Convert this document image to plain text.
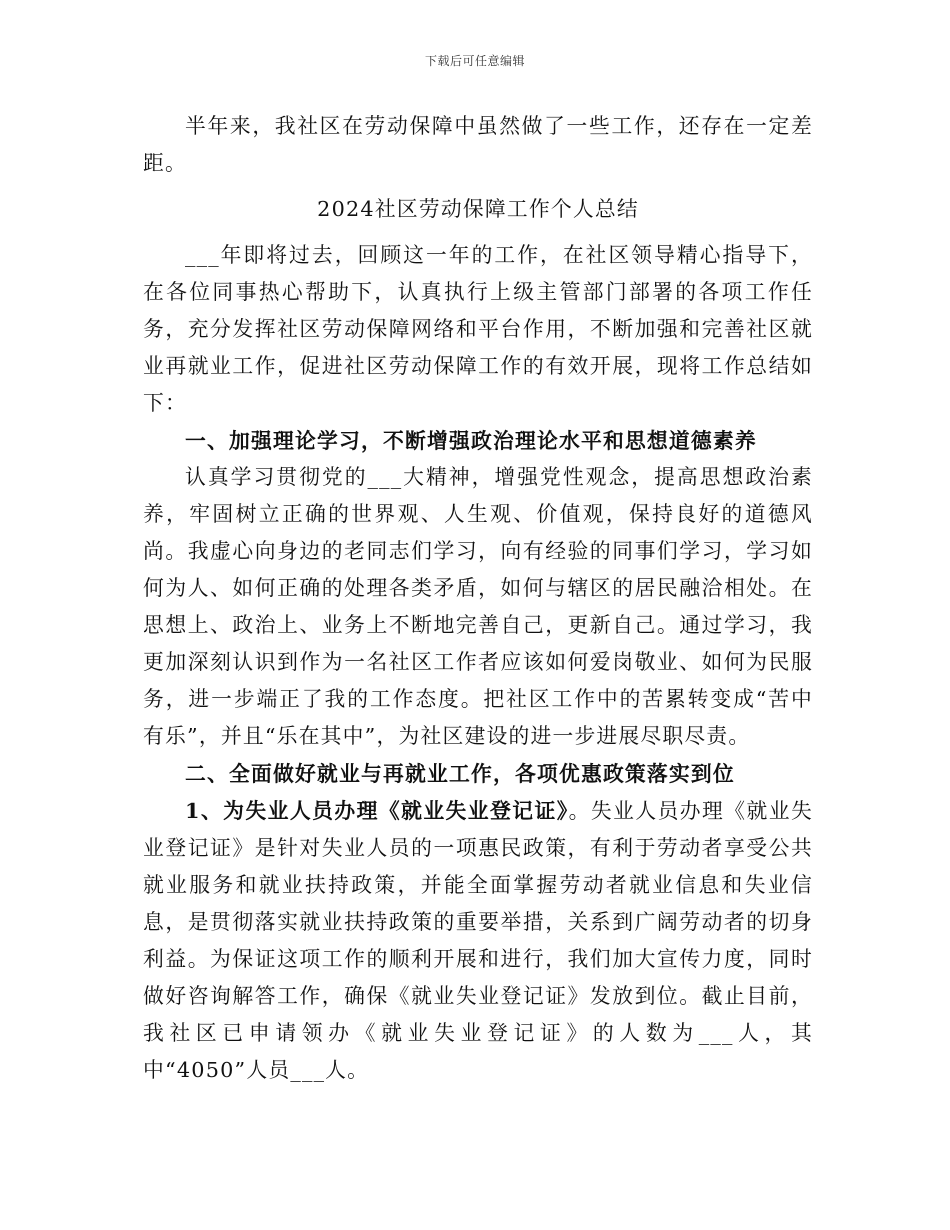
下载后可任意编辑

半年来，我社区在劳动保障中虽然做了一些工作，还存在一定差距。

2024社区劳动保障工作个人总结

___年即将过去，回顾这一年的工作，在社区领导精心指导下，在各位同事热心帮助下，认真执行上级主管部门部署的各项工作任务，充分发挥社区劳动保障网络和平台作用，不断加强和完善社区就业再就业工作，促进社区劳动保障工作的有效开展，现将工作总结如下：

一、加强理论学习，不断增强政治理论水平和思想道德素养

认真学习贯彻党的___大精神，增强党性观念，提高思想政治素养，牢固树立正确的世界观、人生观、价值观，保持良好的道德风尚。我虚心向身边的老同志们学习，向有经验的同事们学习，学习如何为人、如何正确的处理各类矛盾，如何与辖区的居民融洽相处。在思想上、政治上、业务上不断地完善自己，更新自己。通过学习，我更加深刻认识到作为一名社区工作者应该如何爱岗敬业、如何为民服务，进一步端正了我的工作态度。把社区工作中的苦累转变成“苦中有乐”，并且“乐在其中”，为社区建设的进一步进展尽职尽责。

二、全面做好就业与再就业工作，各项优惠政策落实到位

1、为失业人员办理《就业失业登记证》。失业人员办理《就业失业登记证》是针对失业人员的一项惠民政策，有利于劳动者享受公共就业服务和就业扶持政策，并能全面掌握劳动者就业信息和失业信息，是贯彻落实就业扶持政策的重要举措，关系到广阔劳动者的切身利益。为保证这项工作的顺利开展和进行，我们加大宣传力度，同时做好咨询解答工作，确保《就业失业登记证》发放到位。截止目前，我社区已申请领办《就业失业登记证》的人数为___人，其中“4050”人员___人。
